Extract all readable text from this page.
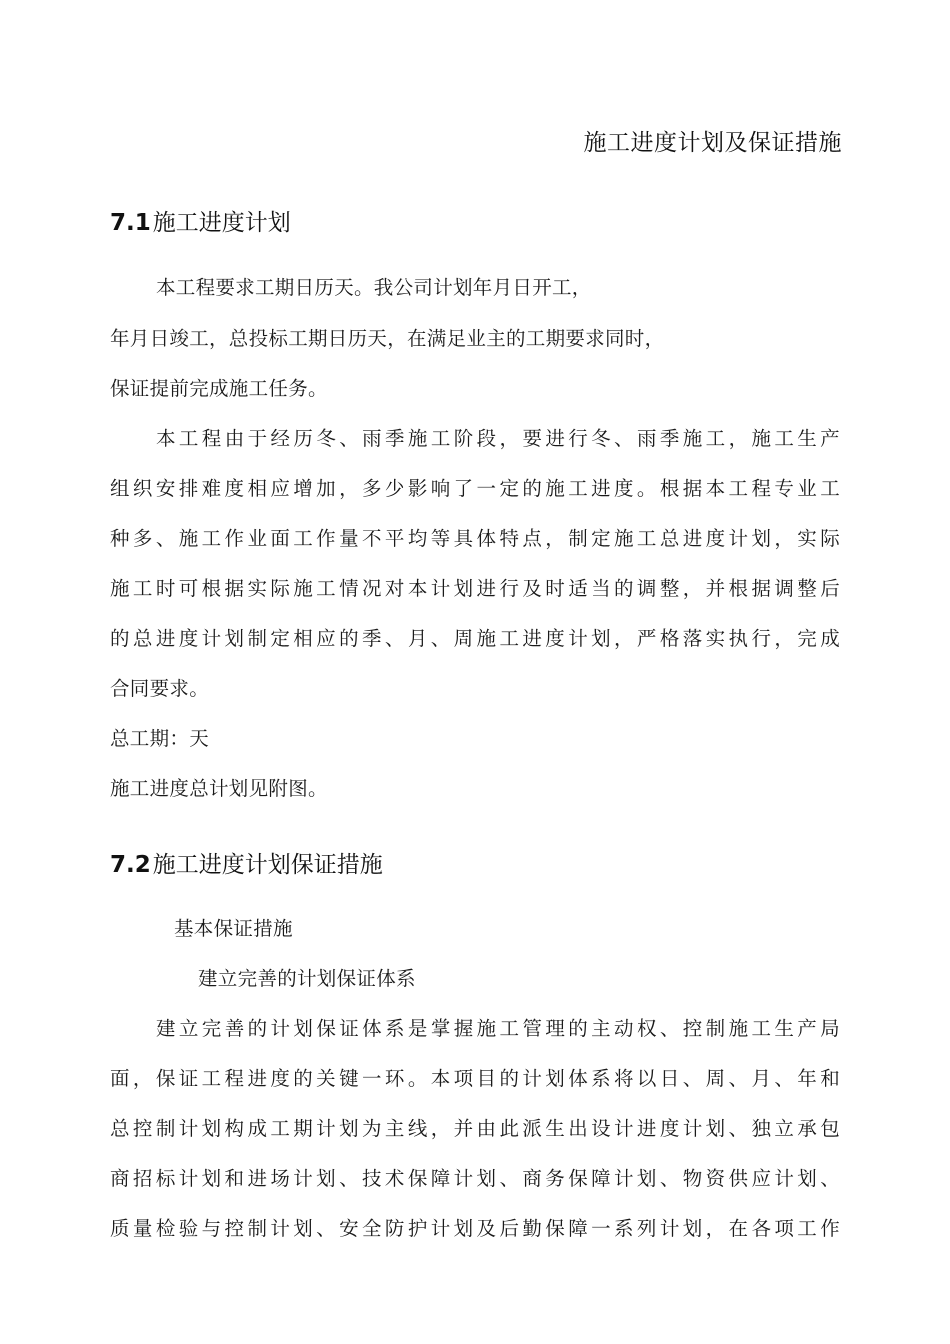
施工进度计划及保证措施
7.1施工进度计划
本工程要求工期日历天。我公司计划年月日开工，
年月日竣工，总投标工期日历天，在满足业主的工期要求同时，
保证提前完成施工任务。
本工程由于经历冬、雨季施工阶段，要进行冬、雨季施工，施工生产
组织安排难度相应增加，多少影响了一定的施工进度。根据本工程专业工
种多、施工作业面工作量不平均等具体特点，制定施工总进度计划，实际
施工时可根据实际施工情况对本计划进行及时适当的调整，并根据调整后
的总进度计划制定相应的季、月、周施工进度计划，严格落实执行，完成
合同要求。
总工期：天
施工进度总计划见附图。
7.2施工进度计划保证措施
基本保证措施
建立完善的计划保证体系
建立完善的计划保证体系是掌握施工管理的主动权、控制施工生产局
面，保证工程进度的关键一环。本项目的计划体系将以日、周、月、年和
总控制计划构成工期计划为主线，并由此派生出设计进度计划、独立承包
商招标计划和进场计划、技术保障计划、商务保障计划、物资供应计划、
质量检验与控制计划、安全防护计划及后勤保障一系列计划，在各项工作
